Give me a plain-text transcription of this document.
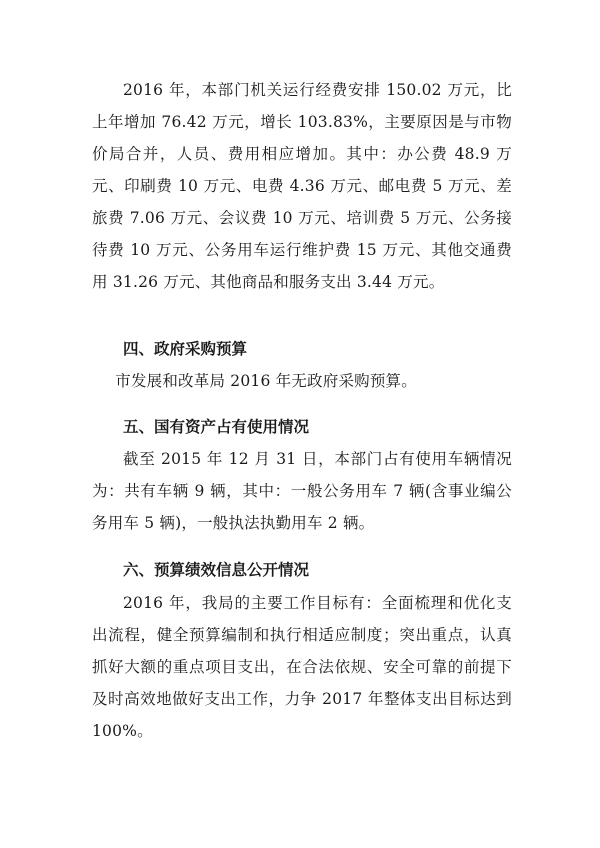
2016 年，本部门机关运行经费安排 150.02 万元，比上年增加 76.42 万元，增长 103.83%，主要原因是与市物价局合并，人员、费用相应增加。其中：办公费 48.9 万元、印刷费 10 万元、电费 4.36 万元、邮电费 5 万元、差旅费 7.06 万元、会议费 10 万元、培训费 5 万元、公务接待费 10 万元、公务用车运行维护费 15 万元、其他交通费用 31.26 万元、其他商品和服务支出 3.44 万元。

四、政府采购预算

市发展和改革局 2016 年无政府采购预算。

五、国有资产占有使用情况

截至 2015 年 12 月 31 日，本部门占有使用车辆情况为：共有车辆 9 辆，其中：一般公务用车 7 辆(含事业编公务用车 5 辆)，一般执法执勤用车 2 辆。

六、预算绩效信息公开情况

2016 年，我局的主要工作目标有：全面梳理和优化支出流程，健全预算编制和执行相适应制度；突出重点，认真抓好大额的重点项目支出，在合法依规、安全可靠的前提下及时高效地做好支出工作，力争 2017 年整体支出目标达到 100%。
